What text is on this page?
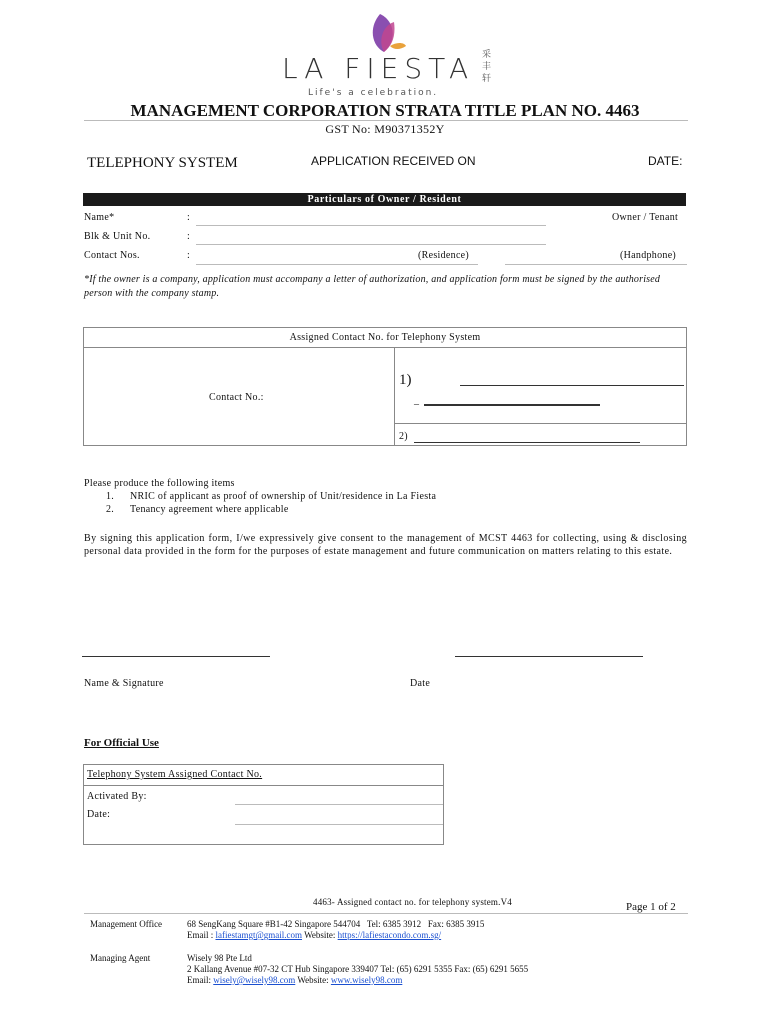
LA FIESTA
Life's a celebration.
采
丰
轩
MANAGEMENT CORPORATION STRATA TITLE PLAN NO. 4463
GST No: M90371352Y
TELEPHONY SYSTEM	APPLICATION RECEIVED ON	DATE:
Particulars of Owner / Resident
Name*	:	Owner / Tenant
Blk & Unit No.	:
Contact Nos.	:	(Residence)	(Handphone)
*If the owner is a company, application must accompany a letter of authorization, and application form must be signed by the authorised person with the company stamp.
Assigned Contact No. for Telephony System
Contact No.:
1)
_
2)
Please produce the following items
1. NRIC of applicant as proof of ownership of Unit/residence in La Fiesta
2. Tenancy agreement where applicable
By signing this application form, I/we expressively give consent to the management of MCST 4463 for collecting, using & disclosing personal data provided in the form for the purposes of estate management and future communication on matters relating to this estate.
Name & Signature	Date
For Official Use
Telephony System Assigned Contact No.
Activated By:
Date:
4463- Assigned contact no. for telephony system.V4	Page 1 of 2
Management Office	68 SengKang Square #B1-42 Singapore 544704   Tel: 6385 3912   Fax: 6385 3915
Email : lafiestamgt@gmail.com Website: https://lafiestacondo.com.sg/
Managing Agent	Wisely 98 Pte Ltd
2 Kallang Avenue #07-32 CT Hub Singapore 339407 Tel: (65) 6291 5355 Fax: (65) 6291 5655
Email: wisely@wisely98.com Website: www.wisely98.com
